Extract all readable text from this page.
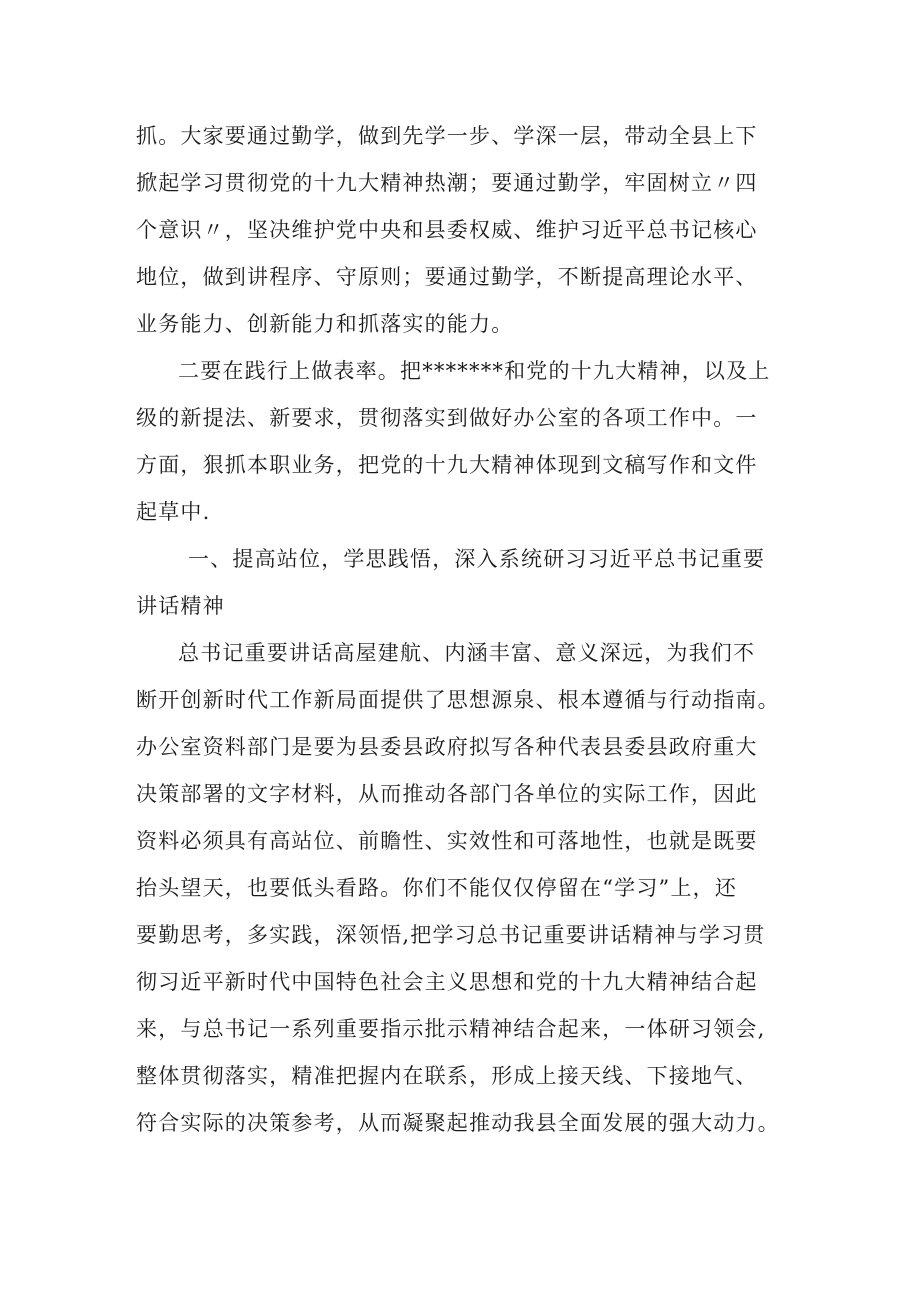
抓。大家要通过勤学，做到先学一步、学深一层，带动全县上下
掀起学习贯彻党的十九大精神热潮；要通过勤学，牢固树立〃四
个意识〃，坚决维护党中央和县委权威、维护习近平总书记核心
地位，做到讲程序、守原则；要通过勤学，不断提高理论水平、
业务能力、创新能力和抓落实的能力。
二要在践行上做表率。把*******和党的十九大精神，以及上
级的新提法、新要求，贯彻落实到做好办公室的各项工作中。一
方面，狠抓本职业务，把党的十九大精神体现到文稿写作和文件
起草中.
一、提高站位，学思践悟，深入系统研习习近平总书记重要
讲话精神
总书记重要讲话高屋建航、内涵丰富、意义深远，为我们不
断开创新时代工作新局面提供了思想源泉、根本遵循与行动指南。
办公室资料部门是要为县委县政府拟写各种代表县委县政府重大
决策部署的文字材料，从而推动各部门各单位的实际工作，因此
资料必须具有高站位、前瞻性、实效性和可落地性，也就是既要
抬头望天，也要低头看路。你们不能仅仅停留在“学习”上，还
要勤思考，多实践，深领悟,把学习总书记重要讲话精神与学习贯
彻习近平新时代中国特色社会主义思想和党的十九大精神结合起
来，与总书记一系列重要指示批示精神结合起来，一体研习领会,
整体贯彻落实，精准把握内在联系，形成上接天线、下接地气、
符合实际的决策参考，从而凝聚起推动我县全面发展的强大动力。
